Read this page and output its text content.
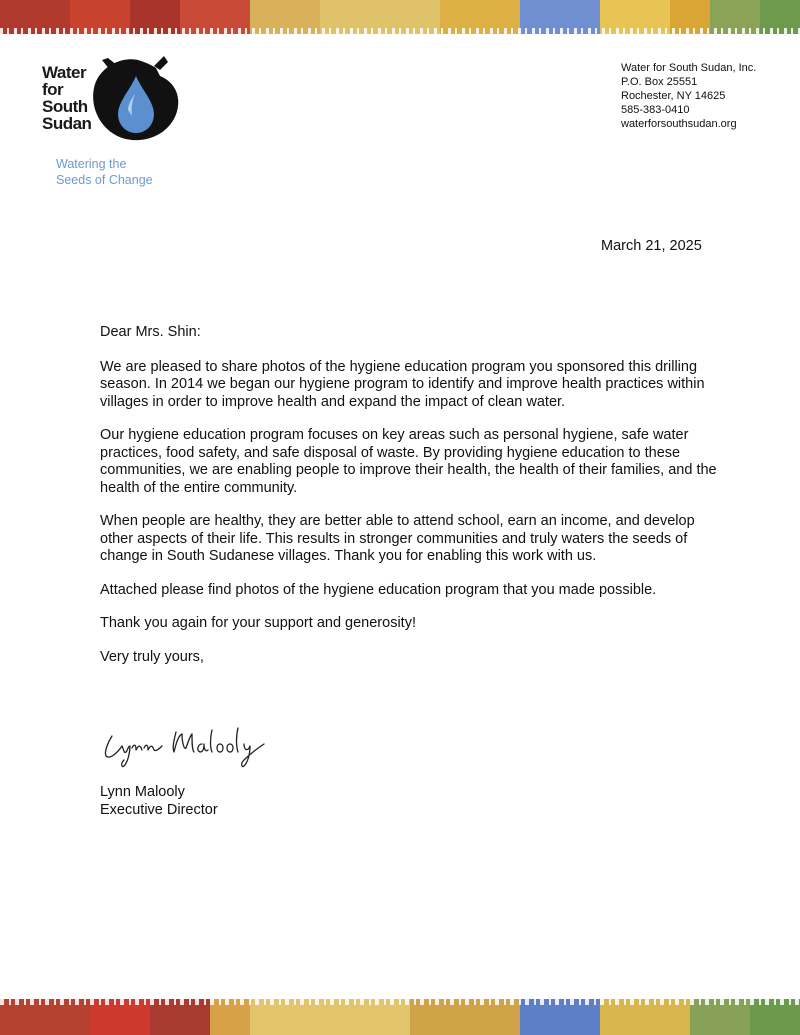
Water
for
South
Sudan
Watering the
Seeds of Change
Water for South Sudan, Inc.
P.O. Box 25551
Rochester, NY 14625
585-383-0410
waterforsouthsudan.org
March 21, 2025

Dear Mrs. Shin:

We are pleased to share photos of the hygiene education program you sponsored this drilling season. In 2014 we began our hygiene program to identify and improve health practices within villages in order to improve health and expand the impact of clean water.

Our hygiene education program focuses on key areas such as personal hygiene, safe water practices, food safety, and safe disposal of waste. By providing hygiene education to these communities, we are enabling people to improve their health, the health of their families, and the health of the entire community.

When people are healthy, they are better able to attend school, earn an income, and develop other aspects of their life. This results in stronger communities and truly waters the seeds of change in South Sudanese villages. Thank you for enabling this work with us.

Attached please find photos of the hygiene education program that you made possible.

Thank you again for your support and generosity!

Very truly yours,

Lynn Malooly
Executive Director
